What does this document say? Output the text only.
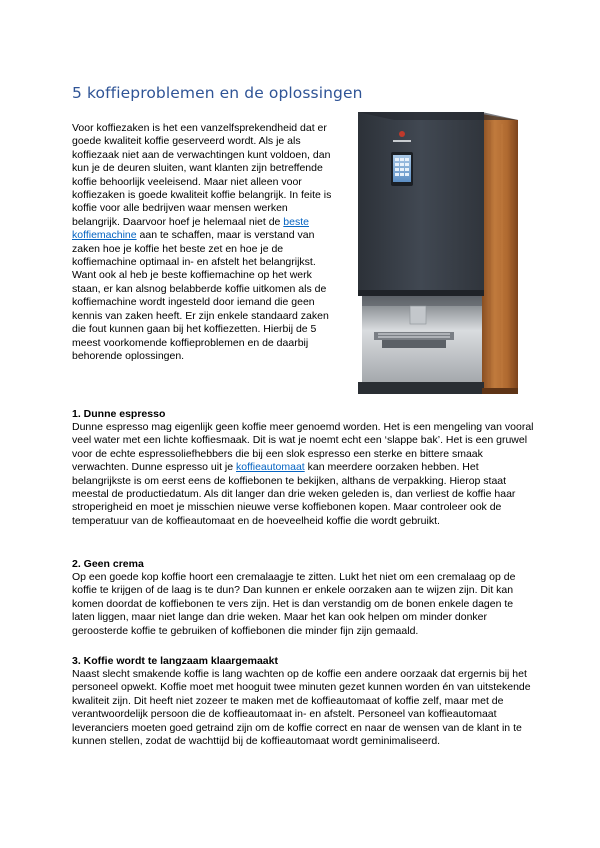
5 koffieproblemen en de oplossingen

Voor koffiezaken is het een vanzelfsprekendheid dat er goede kwaliteit koffie geserveerd wordt. Als je als koffiezaak niet aan de verwachtingen kunt voldoen, dan kun je de deuren sluiten, want klanten zijn betreffende koffie behoorlijk veeleisend. Maar niet alleen voor koffiezaken is goede kwaliteit koffie belangrijk. In feite is koffie voor alle bedrijven waar mensen werken belangrijk. Daarvoor hoef je helemaal niet de beste koffiemachine aan te schaffen, maar is verstand van zaken hoe je koffie het beste zet en hoe je de koffiemachine optimaal in- en afstelt het belangrijkst. Want ook al heb je beste koffiemachine op het werk staan, er kan alsnog belabberde koffie uitkomen als de koffiemachine wordt ingesteld door iemand die geen kennis van zaken heeft. Er zijn enkele standaard zaken die fout kunnen gaan bij het koffiezetten. Hierbij de 5 meest voorkomende koffieproblemen en de daarbij behorende oplossingen.

1. Dunne espresso

Dunne espresso mag eigenlijk geen koffie meer genoemd worden. Het is een mengeling van vooral veel water met een lichte koffiesmaak. Dit is wat je noemt echt een ‘slappe bak’. Het is een gruwel voor de echte espressoliefhebbers die bij een slok espresso een sterke en bittere smaak verwachten. Dunne espresso uit je koffieautomaat kan meerdere oorzaken hebben. Het belangrijkste is om eerst eens de koffiebonen te bekijken, althans de verpakking. Hierop staat meestal de productiedatum. Als dit langer dan drie weken geleden is, dan verliest de koffie haar stroperigheid en moet je misschien nieuwe verse koffiebonen kopen. Maar controleer ook de temperatuur van de koffieautomaat en de hoeveelheid koffie die wordt gebruikt.

2. Geen crema

Op een goede kop koffie hoort een cremalaagje te zitten. Lukt het niet om een cremalaag op de koffie te krijgen of de laag is te dun? Dan kunnen er enkele oorzaken aan te wijzen zijn. Dit kan komen doordat de koffiebonen te vers zijn. Het is dan verstandig om de bonen enkele dagen te laten liggen, maar niet lange dan drie weken. Maar het kan ook helpen om minder donker geroosterde koffie te gebruiken of koffiebonen die minder fijn zijn gemaald.

3. Koffie wordt te langzaam klaargemaakt

Naast slecht smakende koffie is lang wachten op de koffie een andere oorzaak dat ergernis bij het personeel opwekt. Koffie moet met hooguit twee minuten gezet kunnen worden én van uitstekende kwaliteit zijn. Dit heeft niet zozeer te maken met de koffieautomaat of koffie zelf, maar met de verantwoordelijk persoon die de koffieautomaat in- en afstelt. Personeel van koffieautomaat leveranciers moeten goed getraind zijn om de koffie correct en naar de wensen van de klant in te kunnen stellen, zodat de wachttijd bij de koffieautomaat wordt geminimaliseerd.
